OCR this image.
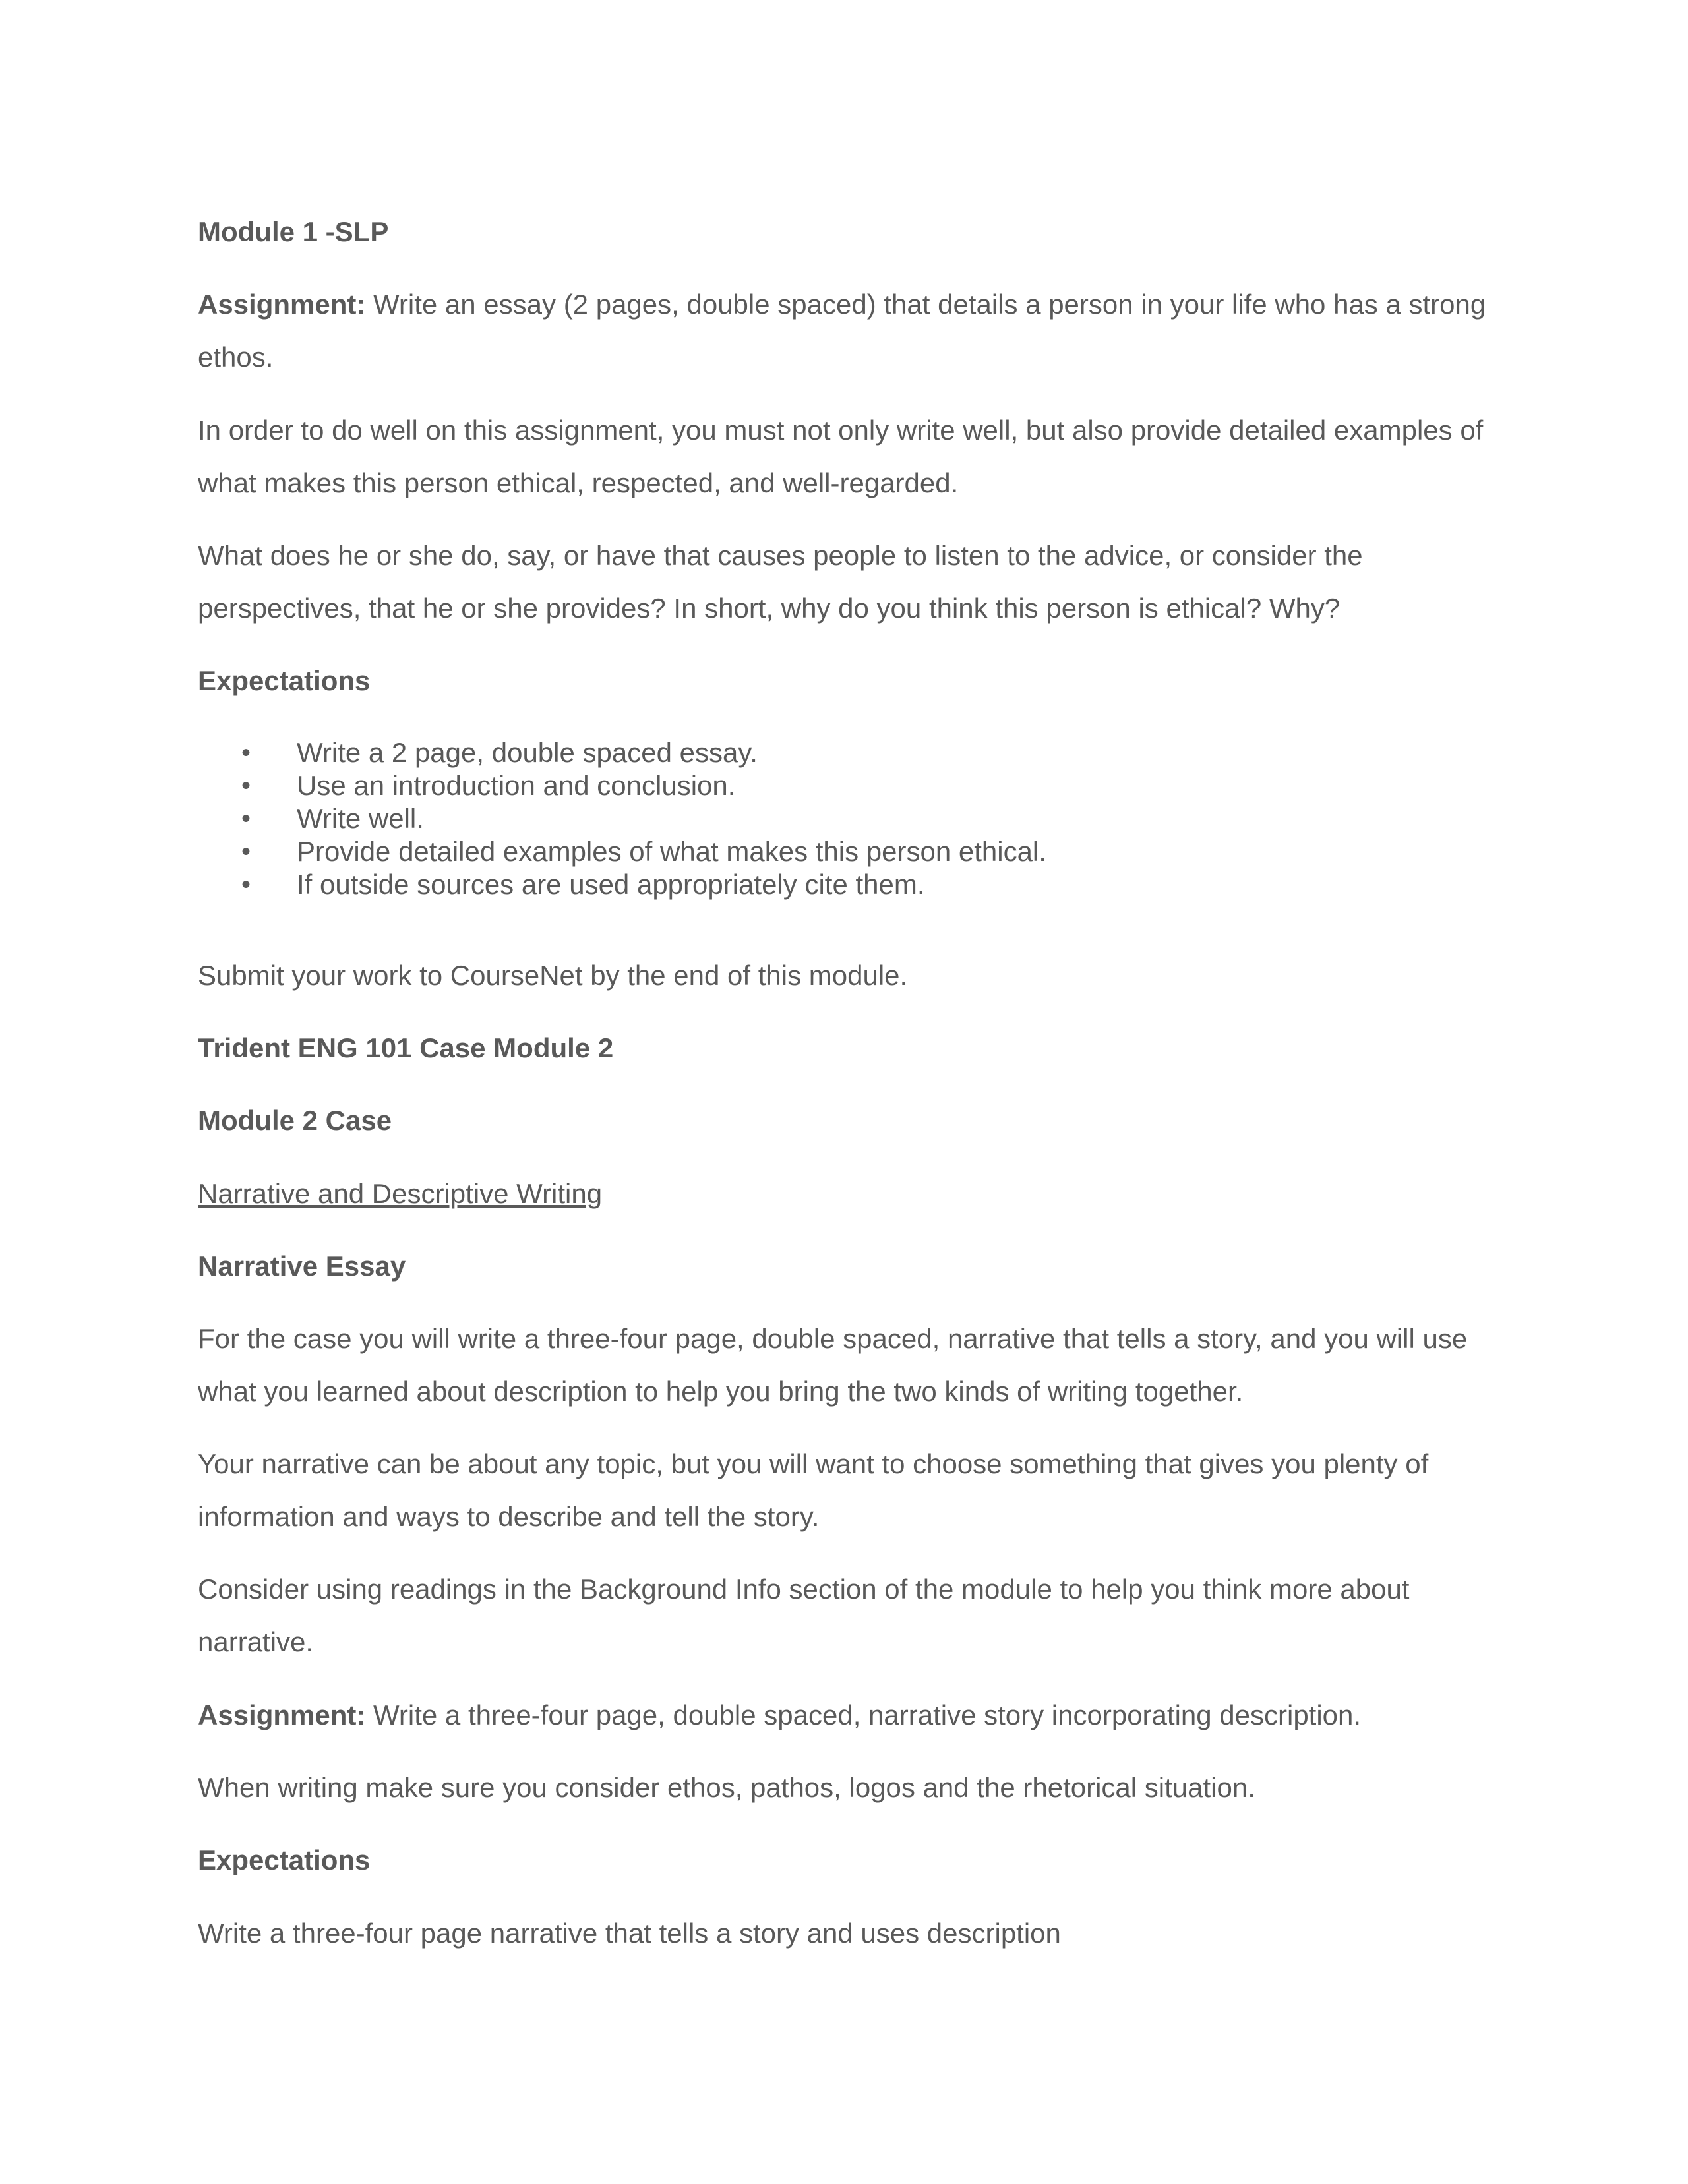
Module 1 -SLP

Assignment: Write an essay (2 pages, double spaced) that details a person in your life who has a strong

ethos.

In order to do well on this assignment, you must not only write well, but also provide detailed examples of

what makes this person ethical, respected, and well-regarded.

What does he or she do, say, or have that causes people to listen to the advice, or consider the

perspectives, that he or she provides? In short, why do you think this person is ethical? Why?

Expectations

• Write a 2 page, double spaced essay.
• Use an introduction and conclusion.
• Write well.
• Provide detailed examples of what makes this person ethical.
• If outside sources are used appropriately cite them.

Submit your work to CourseNet by the end of this module.

Trident ENG 101 Case Module 2

Module 2 Case

Narrative and Descriptive Writing

Narrative Essay

For the case you will write a three-four page, double spaced, narrative that tells a story, and you will use

what you learned about description to help you bring the two kinds of writing together.

Your narrative can be about any topic, but you will want to choose something that gives you plenty of

information and ways to describe and tell the story.

Consider using readings in the Background Info section of the module to help you think more about

narrative.

Assignment: Write a three-four page, double spaced, narrative story incorporating description.

When writing make sure you consider ethos, pathos, logos and the rhetorical situation.

Expectations

Write a three-four page narrative that tells a story and uses description
